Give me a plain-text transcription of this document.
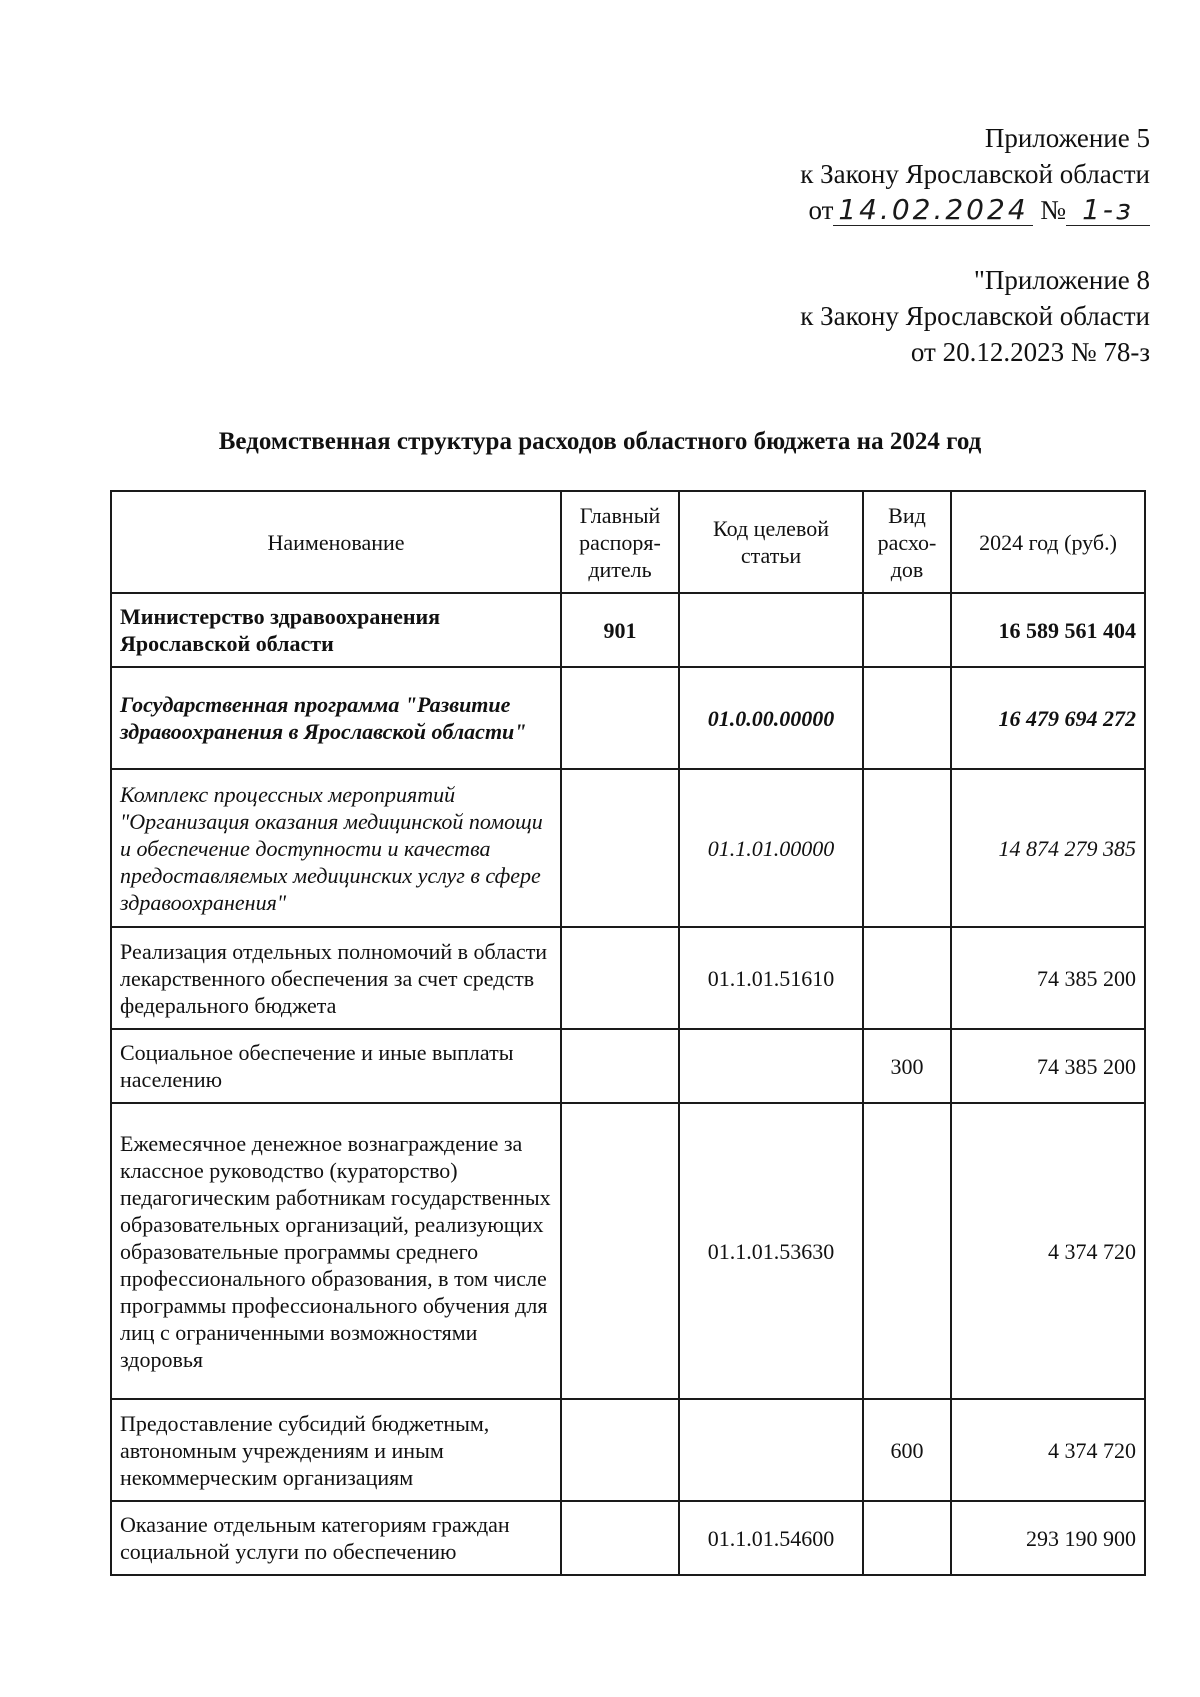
Приложение 5
к Закону Ярославской области
от 14.02.2024 № 1-з
"Приложение 8
к Закону Ярославской области
от 20.12.2023 № 78-з
Ведомственная структура расходов областного бюджета на 2024 год
Наименование	Главный распоря-дитель	Код целевой статьи	Вид расхо-дов	2024 год (руб.)
Министерство здравоохранения Ярославской области	901			16 589 561 404
Государственная программа "Развитие здравоохранения в Ярославской области"		01.0.00.00000		16 479 694 272
Комплекс процессных мероприятий "Организация оказания медицинской помощи и обеспечение доступности и качества предоставляемых медицинских услуг в сфере здравоохранения"		01.1.01.00000		14 874 279 385
Реализация отдельных полномочий в области лекарственного обеспечения за счет средств федерального бюджета		01.1.01.51610		74 385 200
Социальное обеспечение и иные выплаты населению			300	74 385 200
Ежемесячное денежное вознаграждение за классное руководство (кураторство) педагогическим работникам государственных образовательных организаций, реализующих образовательные программы среднего профессионального образования, в том числе программы профессионального обучения для лиц с ограниченными возможностями здоровья		01.1.01.53630		4 374 720
Предоставление субсидий бюджетным, автономным учреждениям и иным некоммерческим организациям			600	4 374 720
Оказание отдельным категориям граждан социальной услуги по обеспечению		01.1.01.54600		293 190 900
